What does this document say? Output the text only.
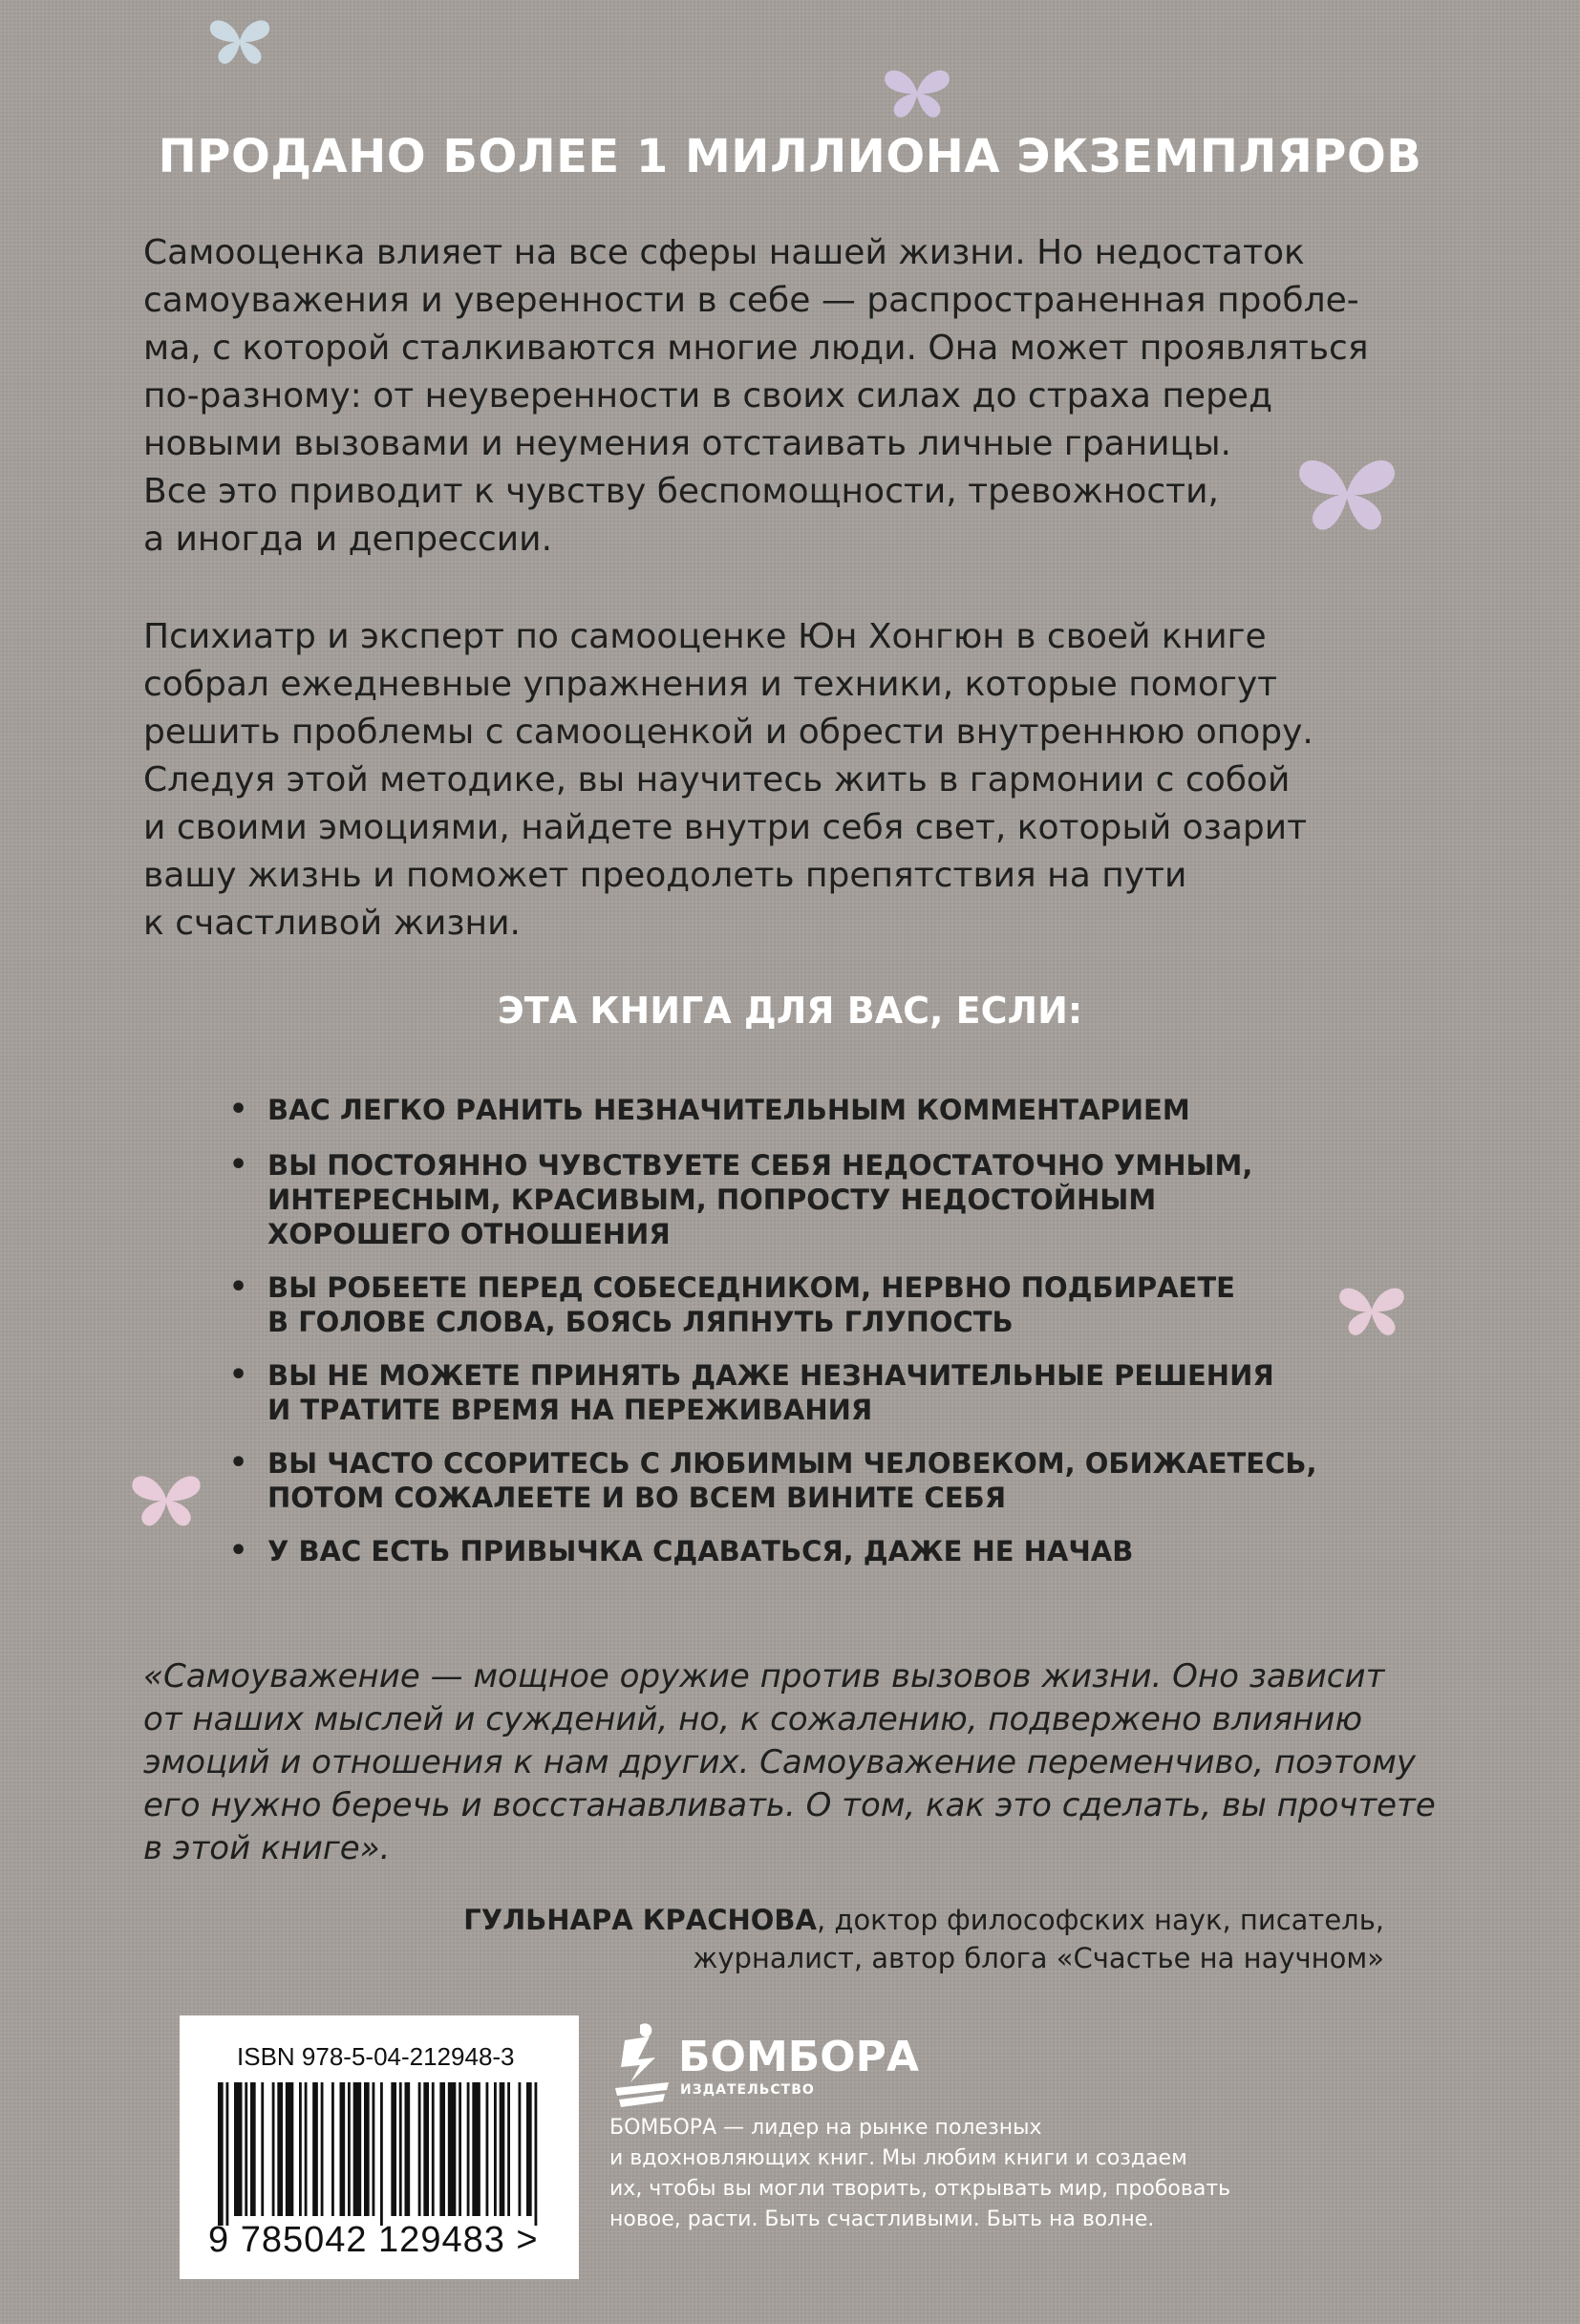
ПРОДАНО БОЛЕЕ 1 МИЛЛИОНА ЭКЗЕМПЛЯРОВ

Самооценка влияет на все сферы нашей жизни. Но недостаток
самоуважения и уверенности в себе — распространенная пробле-
ма, с которой сталкиваются многие люди. Она может проявляться
по-разному: от неуверенности в своих силах до страха перед
новыми вызовами и неумения отстаивать личные границы.
Все это приводит к чувству беспомощности, тревожности,
а иногда и депрессии.

Психиатр и эксперт по самооценке Юн Хонгюн в своей книге
собрал ежедневные упражнения и техники, которые помогут
решить проблемы с самооценкой и обрести внутреннюю опору.
Следуя этой методике, вы научитесь жить в гармонии с собой
и своими эмоциями, найдете внутри себя свет, который озарит
вашу жизнь и поможет преодолеть препятствия на пути
к счастливой жизни.

ЭТА КНИГА ДЛЯ ВАС, ЕСЛИ:
• ВАС ЛЕГКО РАНИТЬ НЕЗНАЧИТЕЛЬНЫМ КОММЕНТАРИЕМ
• ВЫ ПОСТОЯННО ЧУВСТВУЕТЕ СЕБЯ НЕДОСТАТОЧНО УМНЫМ,
ИНТЕРЕСНЫМ, КРАСИВЫМ, ПОПРОСТУ НЕДОСТОЙНЫМ
ХОРОШЕГО ОТНОШЕНИЯ
• ВЫ РОБЕЕТЕ ПЕРЕД СОБЕСЕДНИКОМ, НЕРВНО ПОДБИРАЕТЕ
В ГОЛОВЕ СЛОВА, БОЯСЬ ЛЯПНУТЬ ГЛУПОСТЬ
• ВЫ НЕ МОЖЕТЕ ПРИНЯТЬ ДАЖЕ НЕЗНАЧИТЕЛЬНЫЕ РЕШЕНИЯ
И ТРАТИТЕ ВРЕМЯ НА ПЕРЕЖИВАНИЯ
• ВЫ ЧАСТО ССОРИТЕСЬ С ЛЮБИМЫМ ЧЕЛОВЕКОМ, ОБИЖАЕТЕСЬ,
ПОТОМ СОЖАЛЕЕТЕ И ВО ВСЕМ ВИНИТЕ СЕБЯ
• У ВАС ЕСТЬ ПРИВЫЧКА СДАВАТЬСЯ, ДАЖЕ НЕ НАЧАВ

«Самоуважение — мощное оружие против вызовов жизни. Оно зависит
от наших мыслей и суждений, но, к сожалению, подвержено влиянию
эмоций и отношения к нам других. Самоуважение переменчиво, поэтому
его нужно беречь и восстанавливать. О том, как это сделать, вы прочтете
в этой книге».

ГУЛЬНАРА КРАСНОВА, доктор философских наук, писатель,
журналист, автор блога «Счастье на научном»

ISBN 978-5-04-212948-3
9 785042 129483 >
БОМБОРА
ИЗДАТЕЛЬСТВО

БОМБОРА — лидер на рынке полезных
и вдохновляющих книг. Мы любим книги и создаем
их, чтобы вы могли творить, открывать мир, пробовать
новое, расти. Быть счастливыми. Быть на волне.
